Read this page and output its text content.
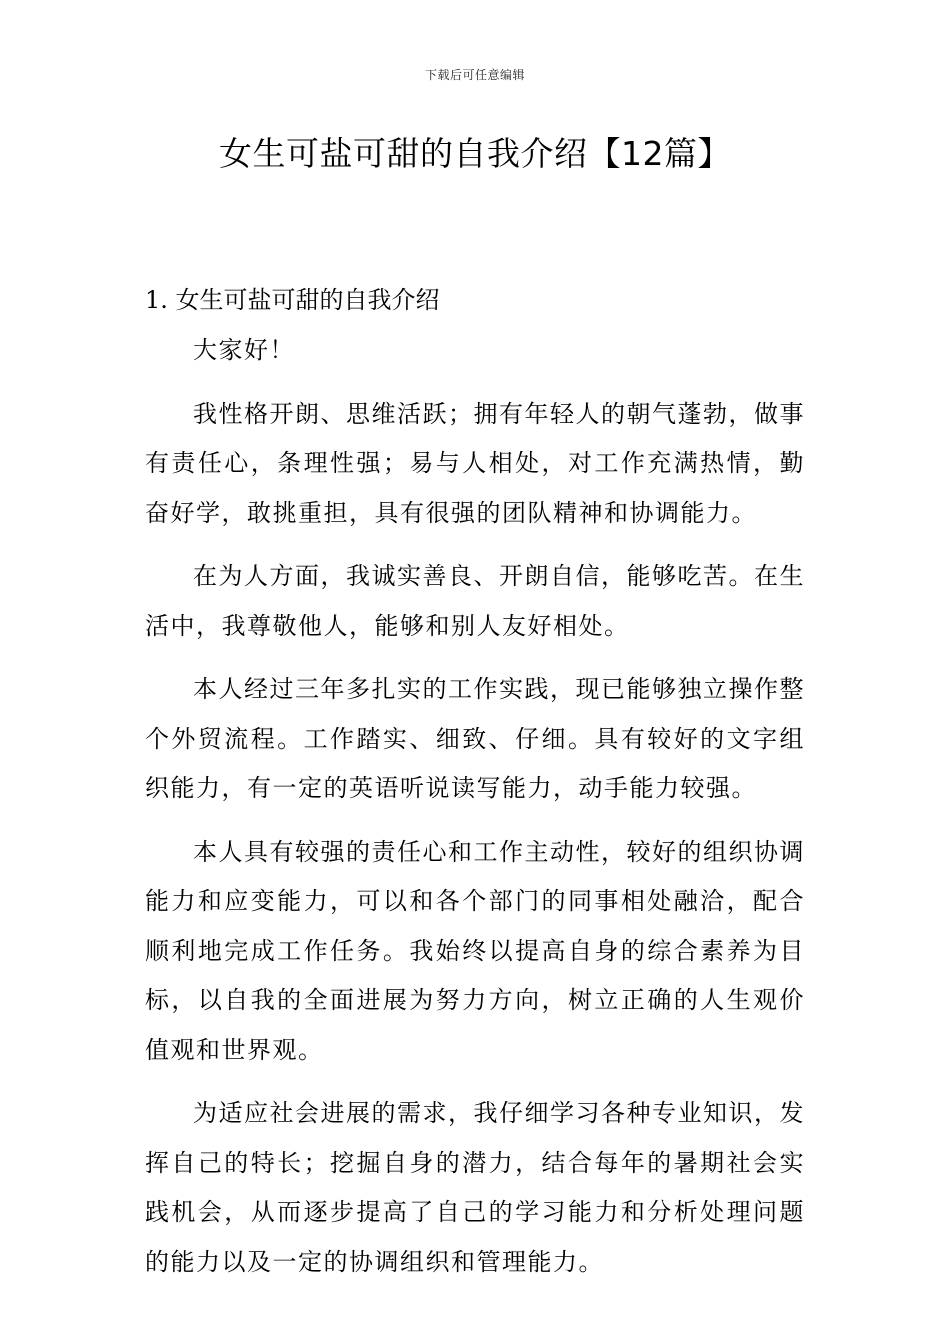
下载后可任意编辑
女生可盐可甜的自我介绍【12篇】
1. 女生可盐可甜的自我介绍

大家好！

我性格开朗、思维活跃；拥有年轻人的朝气蓬勃，做事有责任心，条理性强；易与人相处，对工作充满热情，勤奋好学，敢挑重担，具有很强的团队精神和协调能力。

在为人方面，我诚实善良、开朗自信，能够吃苦。在生活中，我尊敬他人，能够和别人友好相处。

本人经过三年多扎实的工作实践，现已能够独立操作整个外贸流程。工作踏实、细致、仔细。具有较好的文字组织能力，有一定的英语听说读写能力，动手能力较强。

本人具有较强的责任心和工作主动性，较好的组织协调能力和应变能力，可以和各个部门的同事相处融洽，配合顺利地完成工作任务。我始终以提高自身的综合素养为目标，以自我的全面进展为努力方向，树立正确的人生观价值观和世界观。

为适应社会进展的需求，我仔细学习各种专业知识，发挥自己的特长；挖掘自身的潜力，结合每年的暑期社会实践机会，从而逐步提高了自己的学习能力和分析处理问题的能力以及一定的协调组织和管理能力。
